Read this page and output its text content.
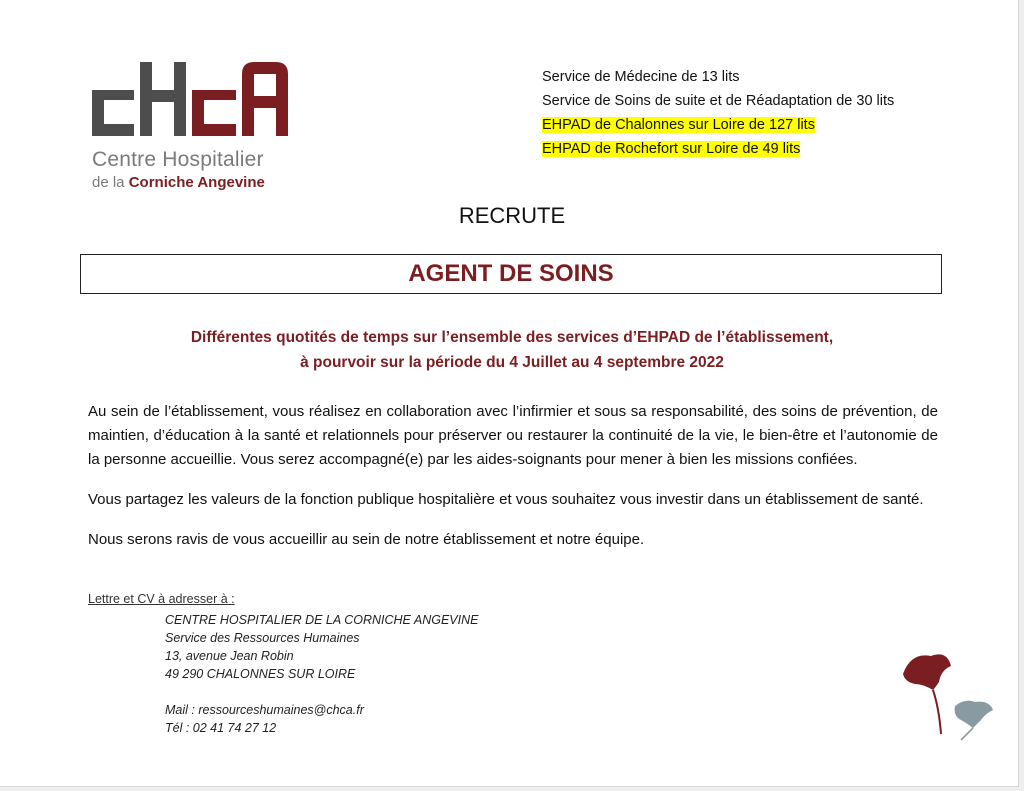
Centre Hospitalier
de la Corniche Angevine
Service de Médecine de 13 lits
Service de Soins de suite et de Réadaptation de 30 lits
EHPAD de Chalonnes sur Loire de 127 lits
EHPAD de Rochefort sur Loire de 49 lits
RECRUTE
AGENT DE SOINS
Différentes quotités de temps sur l’ensemble des services d’EHPAD de l’établissement,
à pourvoir sur la période du 4 Juillet au 4 septembre 2022

Au sein de l’établissement, vous réalisez en collaboration avec l’infirmier et sous sa responsabilité, des soins de prévention, de maintien, d’éducation à la santé et relationnels pour préserver ou restaurer la continuité de la vie, le bien-être et l’autonomie de la personne accueillie. Vous serez accompagné(e) par les aides-soignants pour mener à bien les missions confiées.

Vous partagez les valeurs de la fonction publique hospitalière et vous souhaitez vous investir dans un établissement de santé.

Nous serons ravis de vous accueillir au sein de notre établissement et notre équipe.

Lettre et CV à adresser à :
CENTRE HOSPITALIER DE LA CORNICHE ANGEVINE
Service des Ressources Humaines
13, avenue Jean Robin
49 290 CHALONNES SUR LOIRE
Mail : ressourceshumaines@chca.fr
Tél : 02 41 74 27 12
